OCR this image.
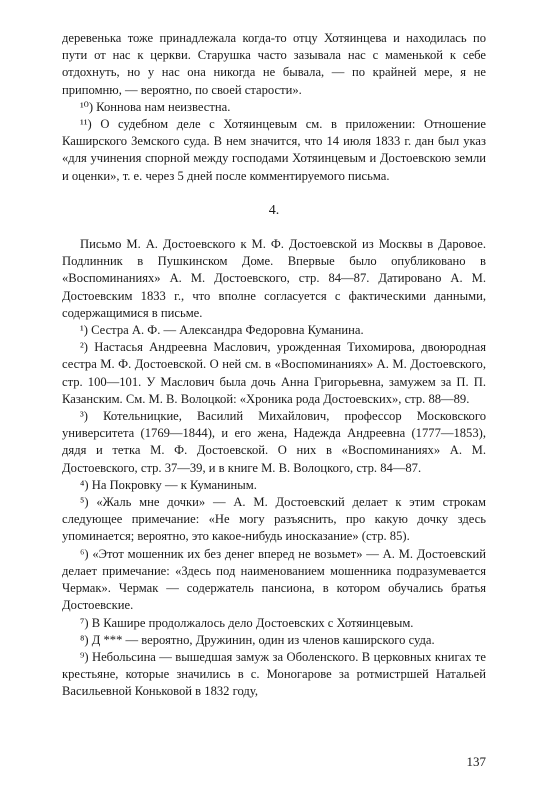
деревенька тоже принадлежала когда-то отцу Хотяинцева и находилась по пути от нас к церкви. Старушка часто зазывала нас с маменькой к себе отдохнуть, но у нас она никогда не бывала, — по крайней мере, я не припомню, — вероятно, по своей старости».

¹⁰) Коннова нам неизвестна.

¹¹) О судебном деле с Хотяинцевым см. в приложении: Отношение Каширского Земского суда. В нем значится, что 14 июля 1833 г. дан был указ «для учинения спорной между господами Хотяинцевым и Достоевскою земли и оценки», т. е. через 5 дней после комментируемого письма.

4.

Письмо М. А. Достоевского к М. Ф. Достоевской из Москвы в Даровое. Подлинник в Пушкинском Доме. Впервые было опубликовано в «Воспоминаниях» А. М. Достоевского, стр. 84—87. Датировано А. М. Достоевским 1833 г., что вполне согласуется с фактическими данными, содержащимися в письме.

¹) Сестра А. Ф. — Александра Федоровна Куманина.

²) Настасья Андреевна Маслович, урожденная Тихомирова, двоюродная сестра М. Ф. Достоевской. О ней см. в «Воспоминаниях» А. М. Достоевского, стр. 100—101. У Маслович была дочь Анна Григорьевна, замужем за П. П. Казанским. См. М. В. Волоцкой: «Хроника рода Достоевских», стр. 88—89.

³) Котельницкие, Василий Михайлович, профессор Московского университета (1769—1844), и его жена, Надежда Андреевна (1777—1853), дядя и тетка М. Ф. Достоевской. О них в «Воспоминаниях» А. М. Достоевского, стр. 37—39, и в книге М. В. Волоцкого, стр. 84—87.

⁴) На Покровку — к Куманиным.

⁵) «Жаль мне дочки» — А. М. Достоевский делает к этим строкам следующее примечание: «Не могу разъяснить, про какую дочку здесь упоминается; вероятно, это какое-нибудь иносказание» (стр. 85).

⁶) «Этот мошенник их без денег вперед не возьмет» — А. М. Достоевский делает примечание: «Здесь под наименованием мошенника подразумевается Чермак». Чермак — содержатель пансиона, в котором обучались братья Достоевские.

⁷) В Кашире продолжалось дело Достоевских с Хотяинцевым.

⁸) Д *** — вероятно, Дружинин, один из членов каширского суда.

⁹) Небольсина — вышедшая замуж за Оболенского. В церковных книгах те крестьяне, которые значились в с. Моногарове за ротмистршей Натальей Васильевной Коньковой в 1832 году,

137
